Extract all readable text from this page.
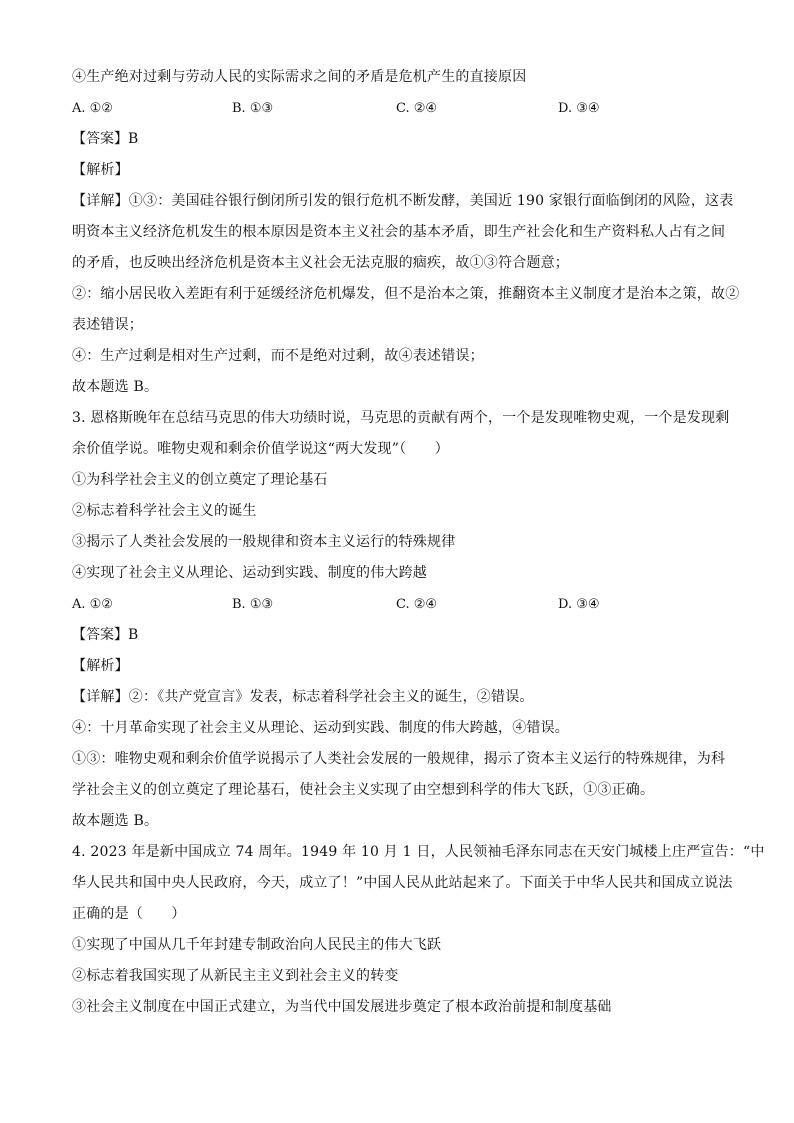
④生产绝对过剩与劳动人民的实际需求之间的矛盾是危机产生的直接原因
A. ①②	B. ①③	C. ②④	D. ③④
【答案】B
【解析】
【详解】①③：美国硅谷银行倒闭所引发的银行危机不断发酵，美国近 190 家银行面临倒闭的风险，这表
明资本主义经济危机发生的根本原因是资本主义社会的基本矛盾，即生产社会化和生产资料私人占有之间
的矛盾，也反映出经济危机是资本主义社会无法克服的痼疾，故①③符合题意；
②：缩小居民收入差距有利于延缓经济危机爆发，但不是治本之策，推翻资本主义制度才是治本之策，故②
表述错误；
④：生产过剩是相对生产过剩，而不是绝对过剩，故④表述错误；
故本题选 B。
3. 恩格斯晚年在总结马克思的伟大功绩时说，马克思的贡献有两个，一个是发现唯物史观，一个是发现剩
余价值学说。唯物史观和剩余价值学说这“两大发现”（　　）
①为科学社会主义的创立奠定了理论基石
②标志着科学社会主义的诞生
③揭示了人类社会发展的一般规律和资本主义运行的特殊规律
④实现了社会主义从理论、运动到实践、制度的伟大跨越
A. ①②	B. ①③	C. ②④	D. ③④
【答案】B
【解析】
【详解】②：《共产党宣言》发表，标志着科学社会主义的诞生，②错误。
④：十月革命实现了社会主义从理论、运动到实践、制度的伟大跨越，④错误。
①③：唯物史观和剩余价值学说揭示了人类社会发展的一般规律，揭示了资本主义运行的特殊规律，为科
学社会主义的创立奠定了理论基石，使社会主义实现了由空想到科学的伟大飞跃，①③正确。
故本题选 B。
4. 2023 年是新中国成立 74 周年。1949 年 10 月 1 日，人民领袖毛泽东同志在天安门城楼上庄严宣告：“中
华人民共和国中央人民政府，今天，成立了！”中国人民从此站起来了。下面关于中华人民共和国成立说法
正确的是（　　）
①实现了中国从几千年封建专制政治向人民民主的伟大飞跃
②标志着我国实现了从新民主主义到社会主义的转变
③社会主义制度在中国正式建立，为当代中国发展进步奠定了根本政治前提和制度基础
